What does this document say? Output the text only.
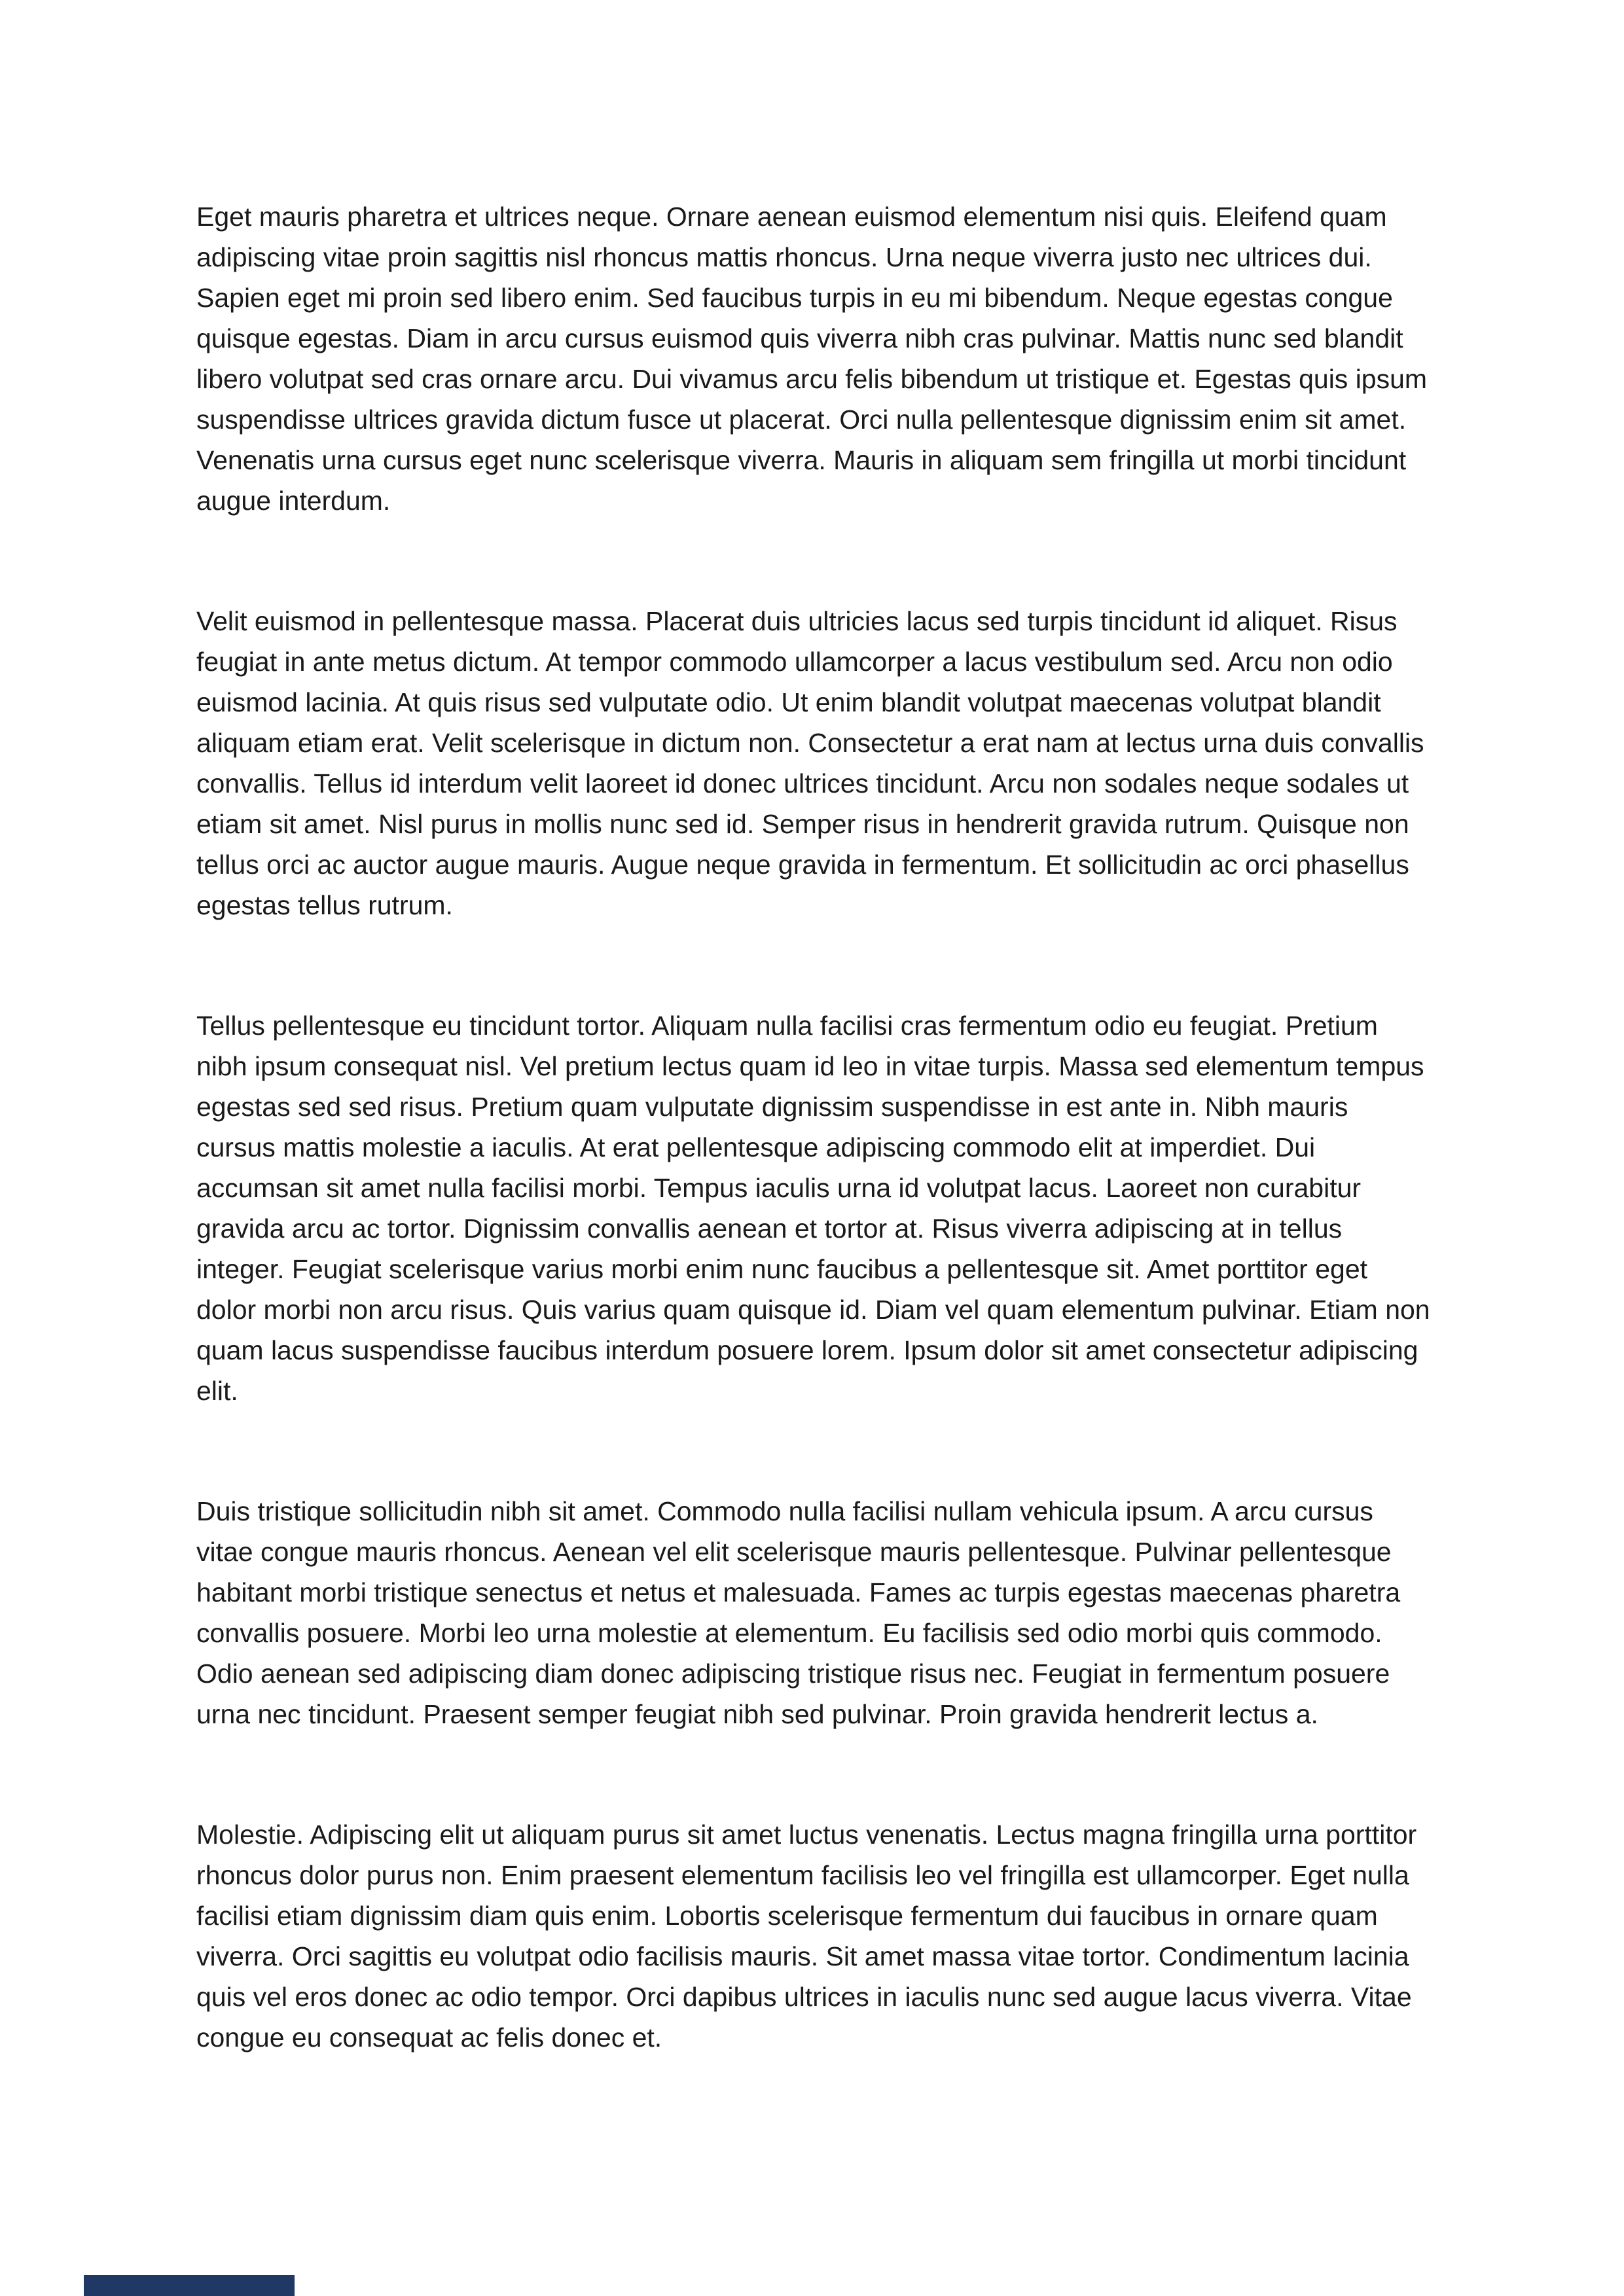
Eget mauris pharetra et ultrices neque. Ornare aenean euismod elementum nisi quis. Eleifend quam adipiscing vitae proin sagittis nisl rhoncus mattis rhoncus. Urna neque viverra justo nec ultrices dui. Sapien eget mi proin sed libero enim. Sed faucibus turpis in eu mi bibendum. Neque egestas congue quisque egestas. Diam in arcu cursus euismod quis viverra nibh cras pulvinar. Mattis nunc sed blandit libero volutpat sed cras ornare arcu. Dui vivamus arcu felis bibendum ut tristique et. Egestas quis ipsum suspendisse ultrices gravida dictum fusce ut placerat. Orci nulla pellentesque dignissim enim sit amet. Venenatis urna cursus eget nunc scelerisque viverra. Mauris in aliquam sem fringilla ut morbi tincidunt augue interdum.

Velit euismod in pellentesque massa. Placerat duis ultricies lacus sed turpis tincidunt id aliquet. Risus feugiat in ante metus dictum. At tempor commodo ullamcorper a lacus vestibulum sed. Arcu non odio euismod lacinia. At quis risus sed vulputate odio. Ut enim blandit volutpat maecenas volutpat blandit aliquam etiam erat. Velit scelerisque in dictum non. Consectetur a erat nam at lectus urna duis convallis convallis. Tellus id interdum velit laoreet id donec ultrices tincidunt. Arcu non sodales neque sodales ut etiam sit amet. Nisl purus in mollis nunc sed id. Semper risus in hendrerit gravida rutrum. Quisque non tellus orci ac auctor augue mauris. Augue neque gravida in fermentum. Et sollicitudin ac orci phasellus egestas tellus rutrum.

Tellus pellentesque eu tincidunt tortor. Aliquam nulla facilisi cras fermentum odio eu feugiat. Pretium nibh ipsum consequat nisl. Vel pretium lectus quam id leo in vitae turpis. Massa sed elementum tempus egestas sed sed risus. Pretium quam vulputate dignissim suspendisse in est ante in. Nibh mauris cursus mattis molestie a iaculis. At erat pellentesque adipiscing commodo elit at imperdiet. Dui accumsan sit amet nulla facilisi morbi. Tempus iaculis urna id volutpat lacus. Laoreet non curabitur gravida arcu ac tortor. Dignissim convallis aenean et tortor at. Risus viverra adipiscing at in tellus integer. Feugiat scelerisque varius morbi enim nunc faucibus a pellentesque sit. Amet porttitor eget dolor morbi non arcu risus. Quis varius quam quisque id. Diam vel quam elementum pulvinar. Etiam non quam lacus suspendisse faucibus interdum posuere lorem. Ipsum dolor sit amet consectetur adipiscing elit.

Duis tristique sollicitudin nibh sit amet. Commodo nulla facilisi nullam vehicula ipsum. A arcu cursus vitae congue mauris rhoncus. Aenean vel elit scelerisque mauris pellentesque. Pulvinar pellentesque habitant morbi tristique senectus et netus et malesuada. Fames ac turpis egestas maecenas pharetra convallis posuere. Morbi leo urna molestie at elementum. Eu facilisis sed odio morbi quis commodo. Odio aenean sed adipiscing diam donec adipiscing tristique risus nec. Feugiat in fermentum posuere urna nec tincidunt. Praesent semper feugiat nibh sed pulvinar. Proin gravida hendrerit lectus a.

Molestie. Adipiscing elit ut aliquam purus sit amet luctus venenatis. Lectus magna fringilla urna porttitor rhoncus dolor purus non. Enim praesent elementum facilisis leo vel fringilla est ullamcorper. Eget nulla facilisi etiam dignissim diam quis enim. Lobortis scelerisque fermentum dui faucibus in ornare quam viverra. Orci sagittis eu volutpat odio facilisis mauris. Sit amet massa vitae tortor. Condimentum lacinia quis vel eros donec ac odio tempor. Orci dapibus ultrices in iaculis nunc sed augue lacus viverra. Vitae congue eu consequat ac felis donec et.
